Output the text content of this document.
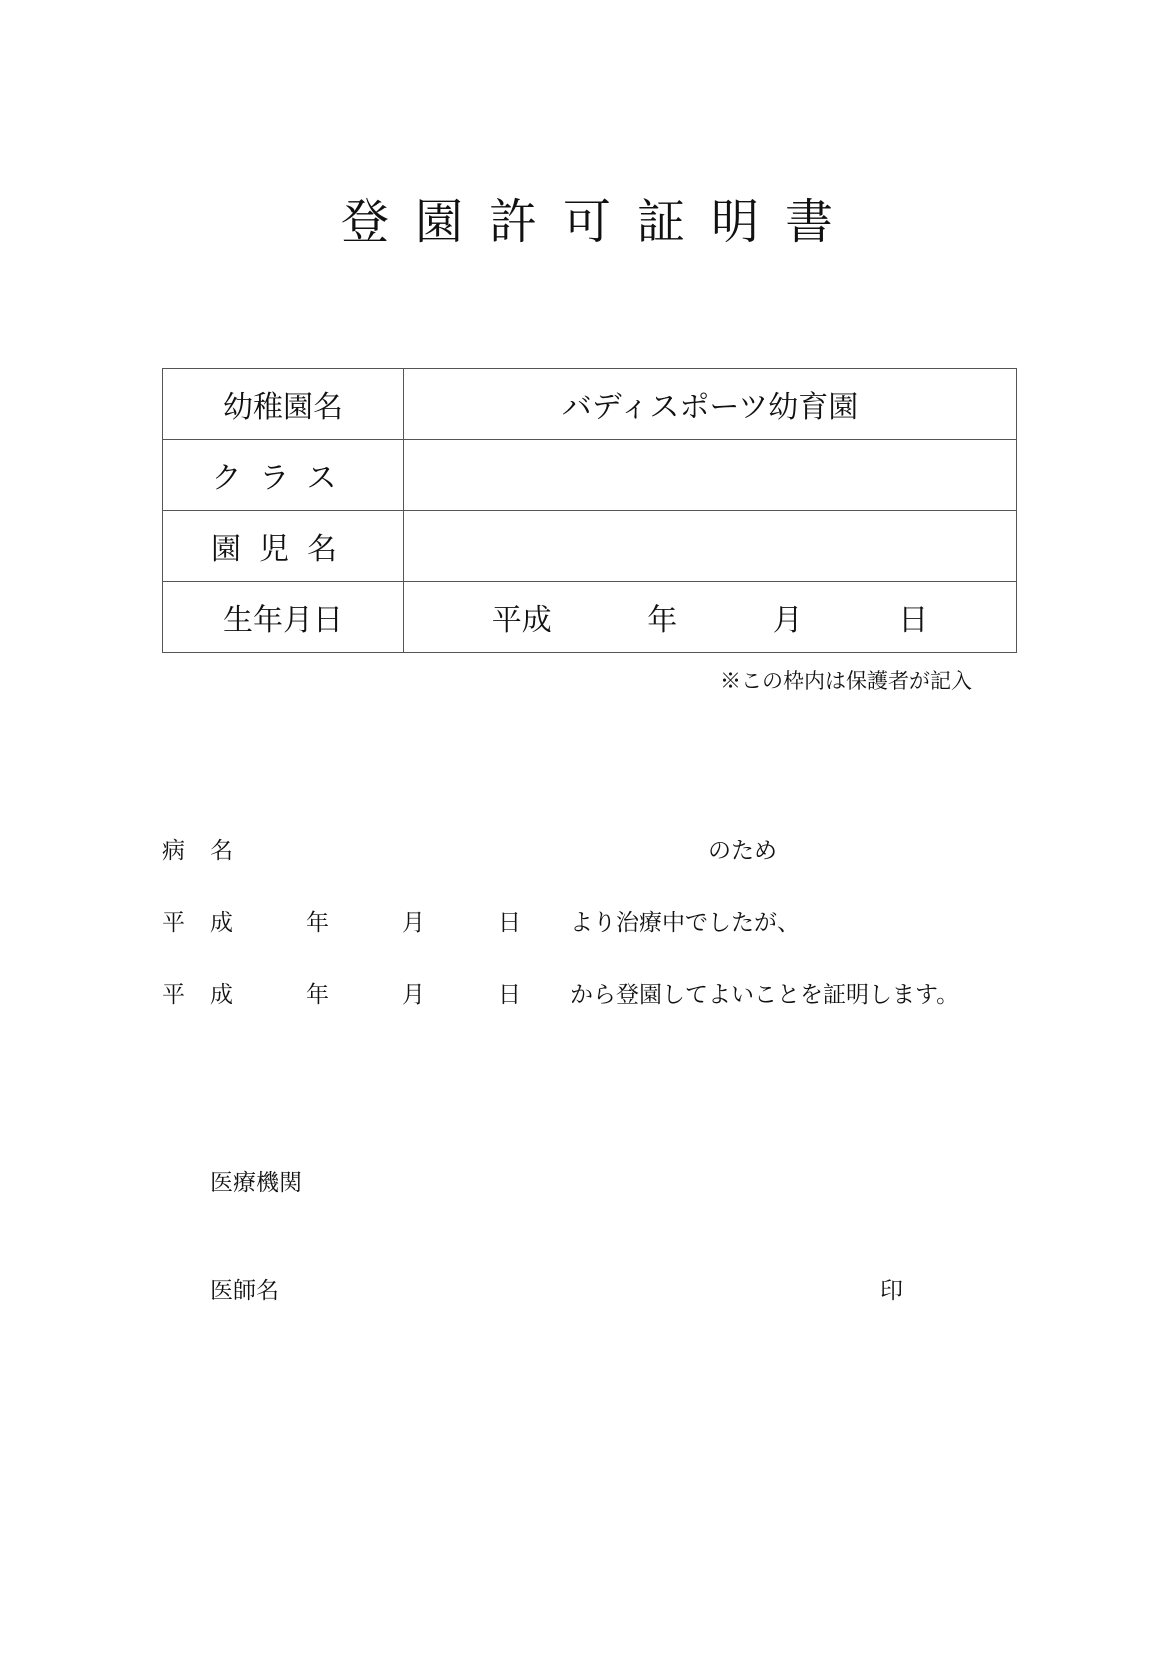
登園許可証明書
幼稚園名	バディスポーツ幼育園
クラス	
園児名	
生年月日	平成 年 月 日
※この枠内は保護者が記入
病 名	のため
平 成	年	月	日 より治療中でしたが、
平 成	年	月	日 から登園してよいことを証明します。
医療機関
医師名	印
